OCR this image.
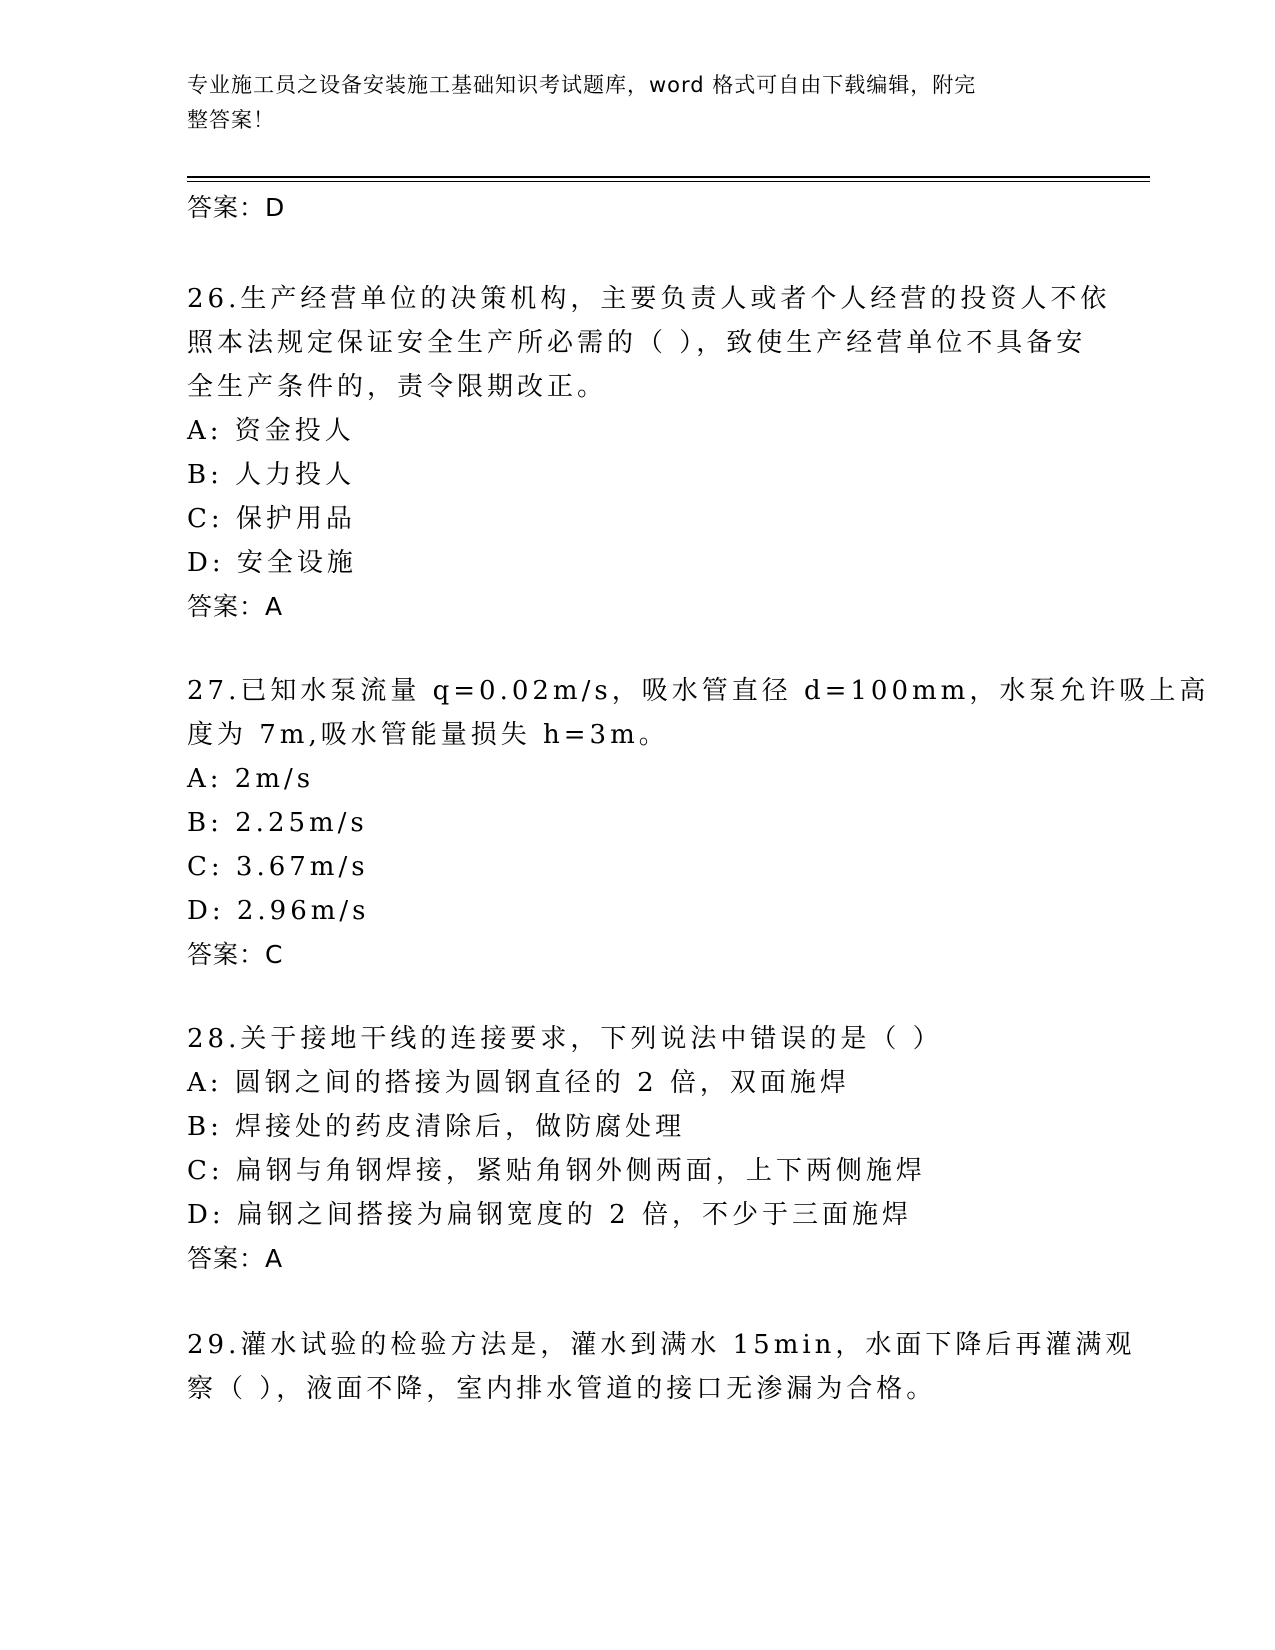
专业施工员之设备安装施工基础知识考试题库，word 格式可自由下载编辑，附完
整答案！
答案：D
26.生产经营单位的决策机构，主要负责人或者个人经营的投资人不依
照本法规定保证安全生产所必需的（ ），致使生产经营单位不具备安
全生产条件的，责令限期改正。
A: 资金投人
B: 人力投人
C: 保护用品
D: 安全设施
答案：A
27.已知水泵流量 q=0.02m/s，吸水管直径 d=100mm，水泵允许吸上高
度为 7m,吸水管能量损失 h=3m。
A: 2m/s
B: 2.25m/s
C: 3.67m/s
D: 2.96m/s
答案：C
28.关于接地干线的连接要求，下列说法中错误的是（ ）
A: 圆钢之间的搭接为圆钢直径的 2 倍，双面施焊
B: 焊接处的药皮清除后，做防腐处理
C: 扁钢与角钢焊接，紧贴角钢外侧两面，上下两侧施焊
D: 扁钢之间搭接为扁钢宽度的 2 倍，不少于三面施焊
答案：A
29.灌水试验的检验方法是，灌水到满水 15min，水面下降后再灌满观
察（ ），液面不降，室内排水管道的接口无渗漏为合格。
